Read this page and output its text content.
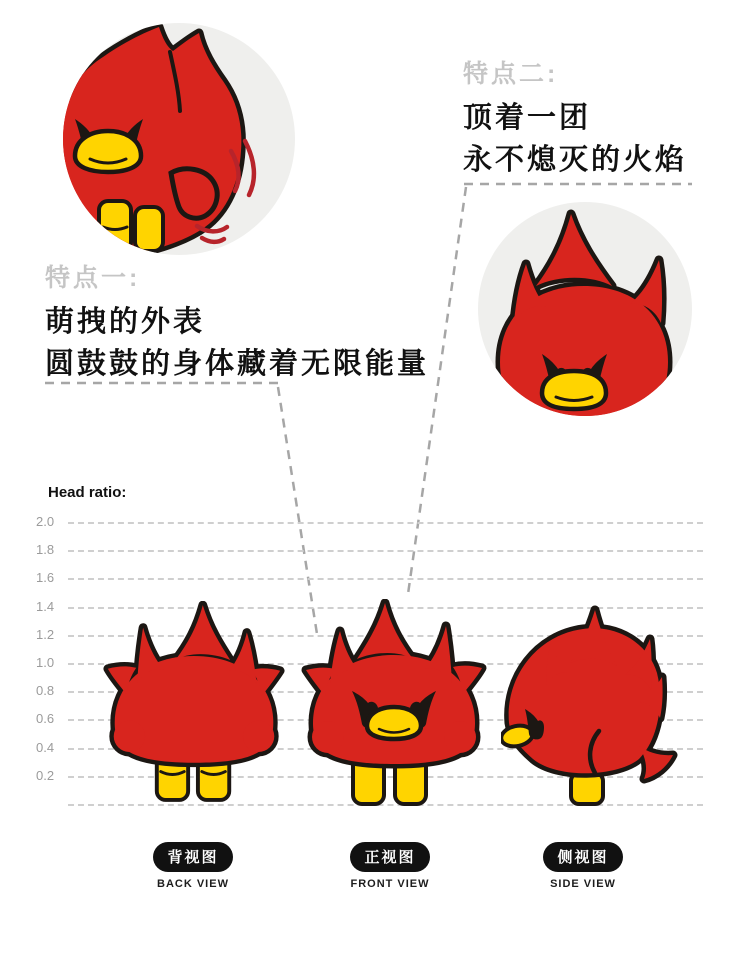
Head ratio:
2.0
1.8
1.6
1.4
1.2
1.0
0.8
0.6
0.4
0.2
特点一:
萌拽的外表
圆鼓鼓的身体藏着无限能量
特点二:
顶着一团
永不熄灭的火焰
背视图
BACK VIEW
正视图
FRONT VIEW
侧视图
SIDE VIEW
